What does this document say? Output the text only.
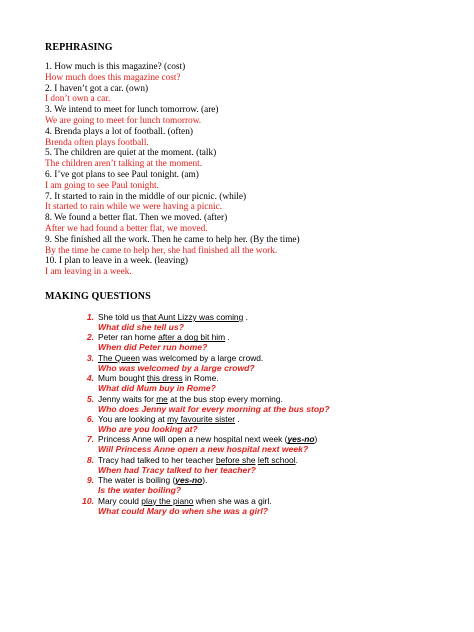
REPHRASING
1. How much is this magazine? (cost)
How much does this magazine cost?
2. I haven’t got a car. (own)
I don’t own a car.
3. We intend to meet for lunch tomorrow. (are)
We are going to meet for lunch tomorrow.
4. Brenda plays a lot of football. (often)
Brenda often plays football.
5. The children are quiet at the moment. (talk)
The children aren’t talking at the moment.
6. I’ve got plans to see Paul tonight. (am)
I am going to see Paul tonight.
7. It started to rain in the middle of our picnic. (while)
It started to rain while we were having a picnic.
8. We found a better flat. Then we moved. (after)
After we had found a better flat, we moved.
9. She finished all the work. Then he came to help her. (By the time)
By the time he came to help her, she had finished all the work.
10. I plan to leave in a week. (leaving)
I am leaving in a week.
MAKING QUESTIONS
1. She told us that Aunt Lizzy was coming .
What did she tell us?
2. Peter ran home after a dog bit him .
When did Peter run home?
3. The Queen was welcomed by a large crowd.
Who was welcomed by a large crowd?
4. Mum bought this dress in Rome.
What did Mum buy in Rome?
5. Jenny waits for me at the bus stop every morning.
Who does Jenny wait for every morning at the bus stop?
6. You are looking at my favourite sister .
Who are you looking at?
7. Princess Anne will open a new hospital next week (yes-no)
Will Princess Anne open a new hospital next week?
8. Tracy had talked to her teacher before she left school.
When had Tracy talked to her teacher?
9. The water is boiling (yes-no).
Is the water boiling?
10. Mary could play the piano when she was a girl.
What could Mary do when she was a girl?
